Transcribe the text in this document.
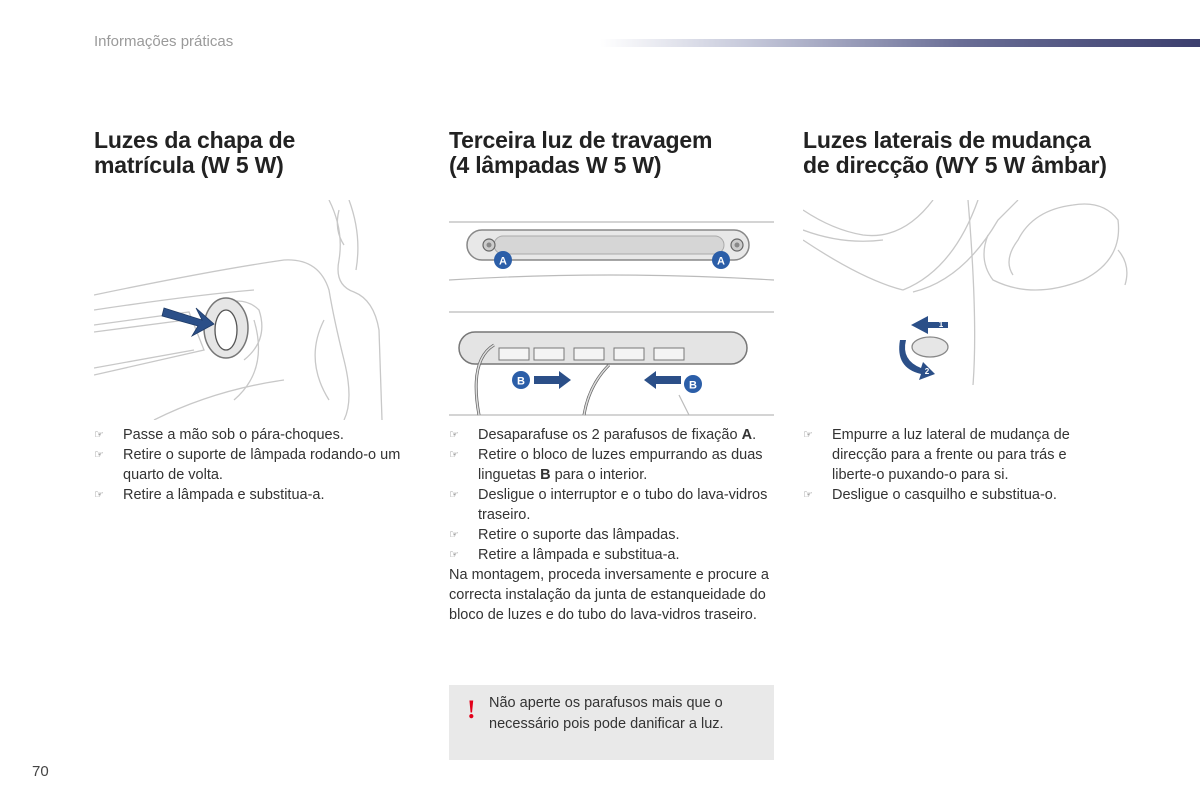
Informações práticas
Luzes da chapa de
matrícula (W 5 W)
☞ Passe a mão sob o pára-choques.
☞ Retire o suporte de lâmpada rodando-o um quarto de volta.
☞ Retire a lâmpada e substitua-a.
Terceira luz de travagem
(4 lâmpadas W 5 W)
A	A
B	B
☞ Desaparafuse os 2 parafusos de fixação A.
☞ Retire o bloco de luzes empurrando as duas linguetas B para o interior.
☞ Desligue o interruptor e o tubo do lava-vidros traseiro.
☞ Retire o suporte das lâmpadas.
☞ Retire a lâmpada e substitua-a.

Na montagem, proceda inversamente e procure a correcta instalação da junta de estanqueidade do bloco de luzes e do tubo do lava-vidros traseiro.

Luzes laterais de mudança
de direcção (WY 5 W âmbar)
1
2
☞ Empurre a luz lateral de mudança de direcção para a frente ou para trás e liberte-o puxando-o para si.
☞ Desligue o casquilho e substitua-o.
! Não aperte os parafusos mais que o necessário pois pode danificar a luz.
70
